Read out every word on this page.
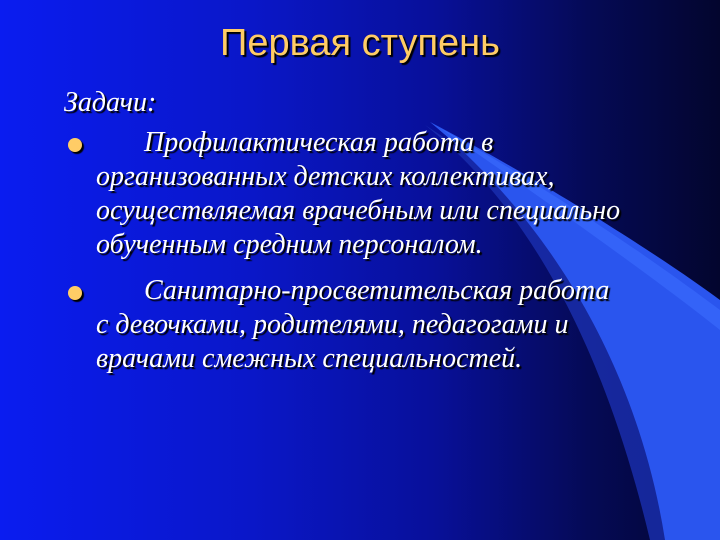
Первая ступень
Задачи:
Профилактическая работа в организованных детских коллективах, осуществляемая врачебным или специально обученным средним персоналом.
Санитарно-просветительская работа с девочками, родителями, педагогами и врачами смежных специальностей.
